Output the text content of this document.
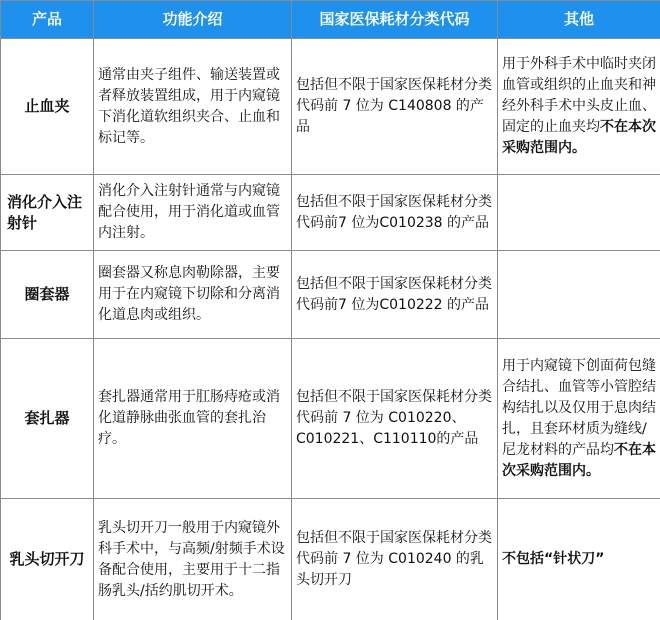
产品	功能介绍	国家医保耗材分类代码	其他
止血夹	通常由夹子组件、输送装置或者释放装置组成，用于内窥镜下消化道软组织夹合、止血和标记等。	包括但不限于国家医保耗材分类代码前 7 位为 C140808 的产品	用于外科手术中临时夹闭血管或组织的止血夹和神经外科手术中头皮止血、固定的止血夹均不在本次采购范围内。
消化介入注射针	消化介入注射针通常与内窥镜配合使用，用于消化道或血管内注射。	包括但不限于国家医保耗材分类代码前7 位为C010238 的产品	
圈套器	圈套器又称息肉勒除器，主要用于在内窥镜下切除和分离消化道息肉或组织。	包括但不限于国家医保耗材分类代码前7 位为C010222 的产品	
套扎器	套扎器通常用于肛肠痔疮或消化道静脉曲张血管的套扎治疗。	包括但不限于国家医保耗材分类代码前 7 位为 C010220、C010221、C110110的产品	用于内窥镜下创面荷包缝合结扎、血管等小管腔结构结扎以及仅用于息肉结扎，且套环材质为缝线/尼龙材料的产品均不在本次采购范围内。
乳头切开刀	乳头切开刀一般用于内窥镜外科手术中，与高频/射频手术设备配合使用，主要用于十二指肠乳头/括约肌切开术。	包括但不限于国家医保耗材分类代码前 7 位为 C010240 的乳头切开刀	不包括“针状刀”
